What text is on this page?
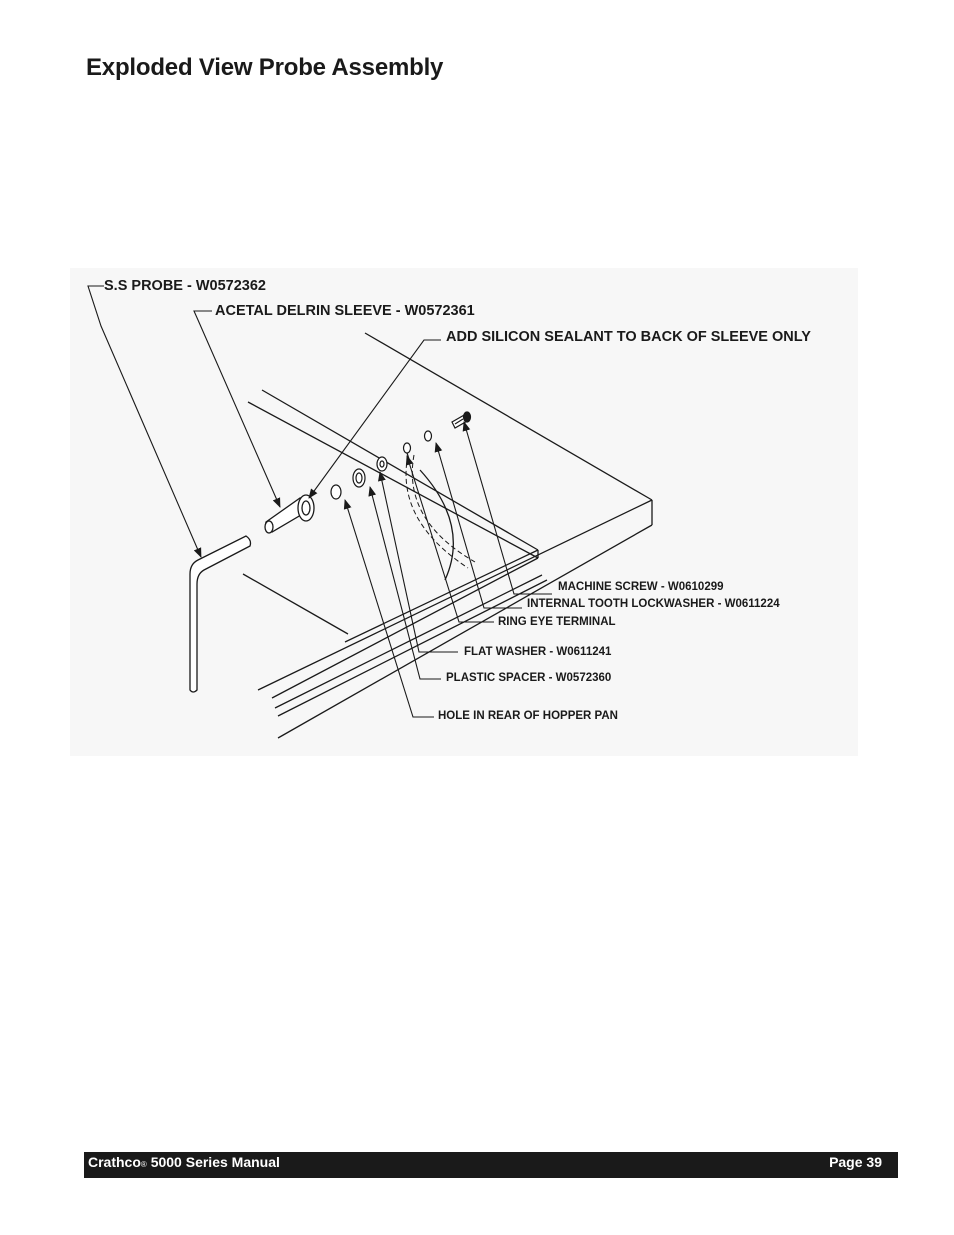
Exploded View Probe Assembly
S.S PROBE - W0572362
ACETAL DELRIN SLEEVE - W0572361
ADD SILICON SEALANT TO BACK OF SLEEVE ONLY
MACHINE SCREW - W0610299
INTERNAL TOOTH LOCKWASHER - W0611224
RING EYE TERMINAL
FLAT WASHER - W0611241
PLASTIC SPACER - W0572360
HOLE IN REAR OF HOPPER PAN
Crathco® 5000 Series Manual	Page 39
